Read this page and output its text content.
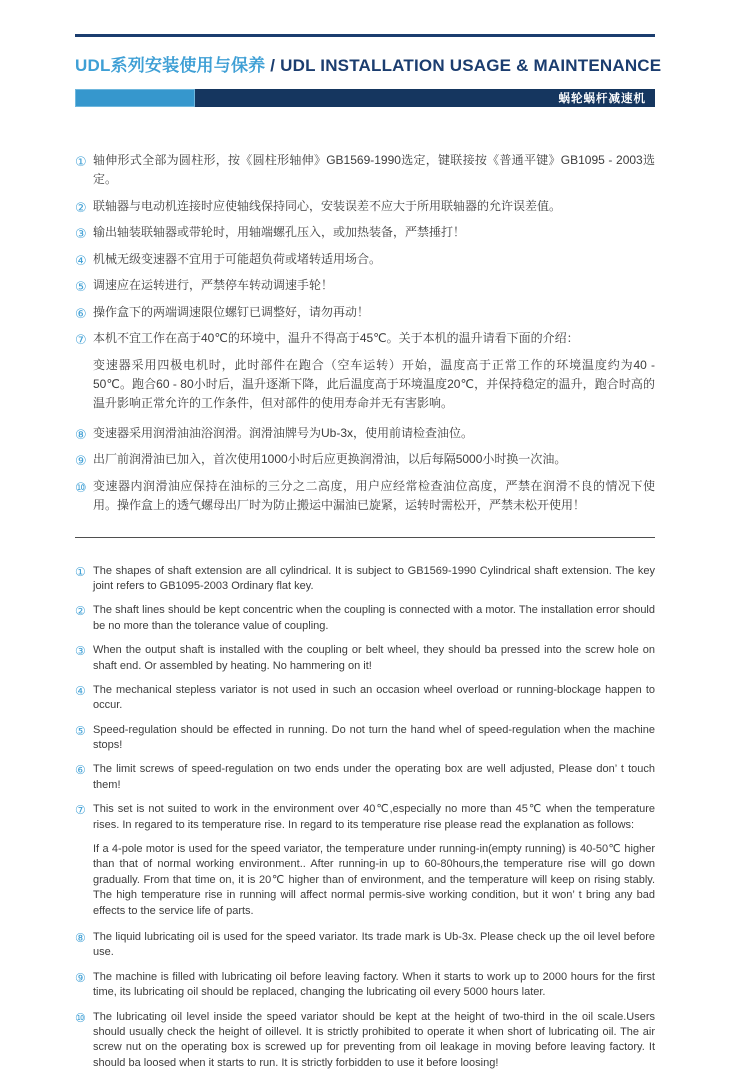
UDL系列安装使用与保养 / UDL INSTALLATION USAGE & MAINTENANCE
蜗轮蜗杆减速机
① 轴伸形式全部为圆柱形，按《圆柱形轴伸》GB1569-1990选定，键联接按《普通平键》GB1095 - 2003选定。
② 联轴器与电动机连接时应使轴线保持同心，安装误差不应大于所用联轴器的允许误差值。
③ 输出轴装联轴器或带轮时，用轴端螺孔压入，或加热装备，严禁捶打！
④ 机械无级变速器不宜用于可能超负荷或堵转适用场合。
⑤ 调速应在运转进行，严禁停车转动调速手轮！
⑥ 操作盒下的两端调速限位螺钉已调整好，请勿再动！
⑦ 本机不宜工作在高于40℃的环境中，温升不得高于45℃。关于本机的温升请看下面的介绍：
变速器采用四极电机时，此时部件在跑合（空车运转）开始，温度高于正常工作的环境温度约为40 - 50℃。跑合60 - 80小时后，温升逐渐下降，此后温度高于环境温度20℃，并保持稳定的温升，跑合时高的温升影响正常允许的工作条件，但对部件的使用寿命并无有害影响。
⑧ 变速器采用润滑油油浴润滑。润滑油牌号为Ub-3x，使用前请检查油位。
⑨ 出厂前润滑油已加入，首次使用1000小时后应更换润滑油，以后每隔5000小时换一次油。
⑩ 变速器内润滑油应保持在油标的三分之二高度，用户应经常检查油位高度，严禁在润滑不良的情况下使用。操作盒上的透气螺母出厂时为防止搬运中漏油已旋紧，运转时需松开，严禁未松开使用！
① The shapes of shaft extension are all cylindrical. It is subject to GB1569-1990 Cylindrical shaft extension. The key joint refers to GB1095-2003 Ordinary flat key.
② The shaft lines should be kept concentric when the coupling is connected with a motor. The installation error should be no more than the tolerance value of coupling.
③ When the output shaft is installed with the coupling or belt wheel, they should ba pressed into the screw hole on shaft end. Or assembled by heating. No hammering on it!
④ The mechanical stepless variator is not used in such an occasion wheel overload or running-blockage happen to occur.
⑤ Speed-regulation should be effected in running. Do not turn the hand whel of speed-regulation when the machine stops!
⑥ The limit screws of speed-regulation on two ends under the operating box are well adjusted, Please don’ t touch them!
⑦ This set is not suited to work in the environment over 40℃,especially no more than 45℃ when the temperature rises. In regared to its temperature rise. In regard to its temperature rise please read the explanation as follows:
If a 4-pole motor is used for the speed variator, the temperature under running-in(empty running) is 40-50℃ higher than that of normal working environment.. After running-in up to 60-80hours,the temperature rise will go down gradually. From that time on, it is 20℃ higher than of environment, and the temperature will keep on rising stably. The high temperature rise in running will affect normal permis-sive working condition, but it won’ t bring any bad effects to the service life of parts.
⑧ The liquid lubricating oil is used for the speed variator. Its trade mark is Ub-3x. Please check up the oil level before use.
⑨ The machine is filled with lubricating oil before leaving factory. When it starts to work up to 2000 hours for the first time, its lubricating oil should be replaced, changing the lubricating oil every 5000 hours later.
⑩ The lubricating oil level inside the speed variator should be kept at the height of two-third in the oil scale.Users should usually check the height of oillevel. It is strictly prohibited to operate it when short of lubricating oil. The air screw nut on the operating box is screwed up for preventing from oil leakage in moving before leaving factory. It should ba loosed when it starts to run. It is strictly forbidden to use it before loosing!
